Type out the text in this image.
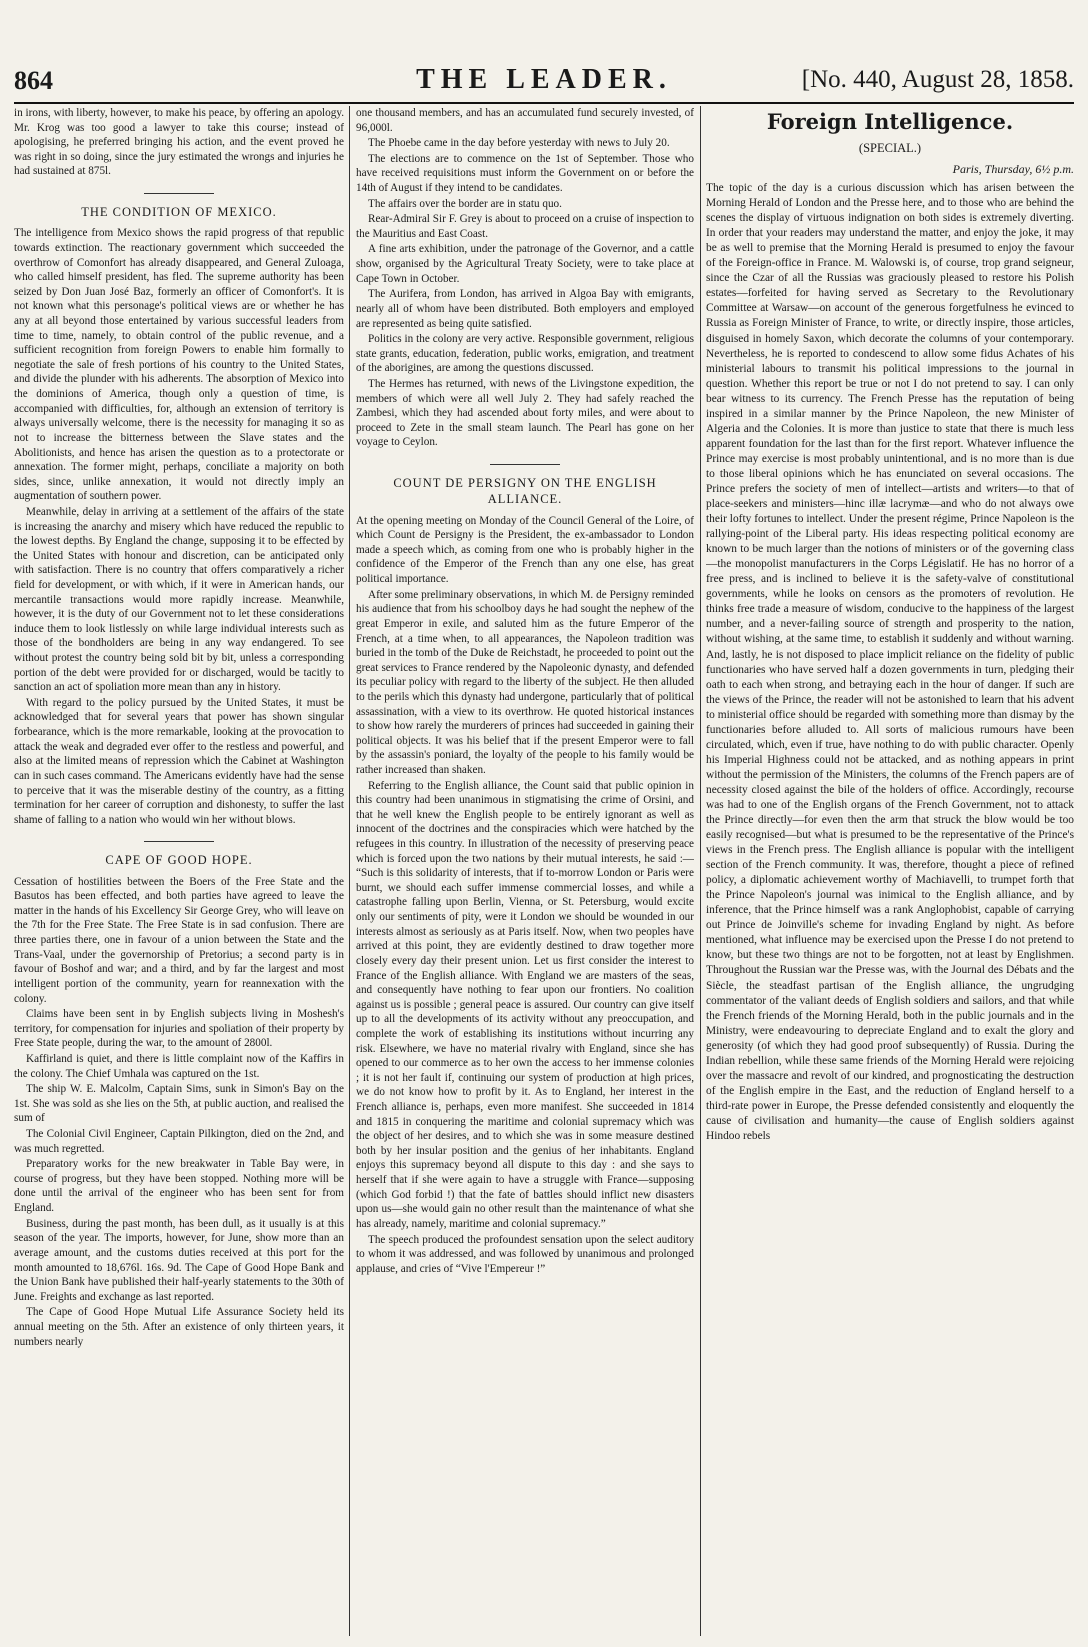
864	THE LEADER.	[No. 440, August 28, 1858.

in irons, with liberty, however, to make his peace, by offering an apology. Mr. Krog was too good a lawyer to take this course; instead of apologising, he preferred bringing his action, and the event proved he was right in so doing, since the jury estimated the wrongs and injuries he had sustained at 875l.

THE CONDITION OF MEXICO.

The intelligence from Mexico shows the rapid progress of that republic towards extinction. The reactionary government which succeeded the overthrow of Comonfort has already disappeared, and General Zuloaga, who called himself president, has fled. The supreme authority has been seized by Don Juan José Baz, formerly an officer of Comonfort's. It is not known what this personage's political views are or whether he has any at all beyond those entertained by various successful leaders from time to time, namely, to obtain control of the public revenue, and a sufficient recognition from foreign Powers to enable him formally to negotiate the sale of fresh portions of his country to the United States, and divide the plunder with his adherents. The absorption of Mexico into the dominions of America, though only a question of time, is accompanied with difficulties, for, although an extension of territory is always universally welcome, there is the necessity for managing it so as not to increase the bitterness between the Slave states and the Abolitionists, and hence has arisen the question as to a protectorate or annexation. The former might, perhaps, conciliate a majority on both sides, since, unlike annexation, it would not directly imply an augmentation of southern power.

Meanwhile, delay in arriving at a settlement of the affairs of the state is increasing the anarchy and misery which have reduced the republic to the lowest depths. By England the change, supposing it to be effected by the United States with honour and discretion, can be anticipated only with satisfaction. There is no country that offers comparatively a richer field for development, or with which, if it were in American hands, our mercantile transactions would more rapidly increase. Meanwhile, however, it is the duty of our Government not to let these considerations induce them to look listlessly on while large individual interests such as those of the bondholders are being in any way endangered. To see without protest the country being sold bit by bit, unless a corresponding portion of the debt were provided for or discharged, would be tacitly to sanction an act of spoliation more mean than any in history.

With regard to the policy pursued by the United States, it must be acknowledged that for several years that power has shown singular forbearance, which is the more remarkable, looking at the provocation to attack the weak and degraded ever offer to the restless and powerful, and also at the limited means of repression which the Cabinet at Washington can in such cases command. The Americans evidently have had the sense to perceive that it was the miserable destiny of the country, as a fitting termination for her career of corruption and dishonesty, to suffer the last shame of falling to a nation who would win her without blows.

CAPE OF GOOD HOPE.

Cessation of hostilities between the Boers of the Free State and the Basutos has been effected, and both parties have agreed to leave the matter in the hands of his Excellency Sir George Grey, who will leave on the 7th for the Free State. The Free State is in sad confusion. There are three parties there, one in favour of a union between the State and the Trans-Vaal, under the governorship of Pretorius; a second party is in favour of Boshof and war; and a third, and by far the largest and most intelligent portion of the community, yearn for reannexation with the colony.

Claims have been sent in by English subjects living in Moshesh's territory, for compensation for injuries and spoliation of their property by Free State people, during the war, to the amount of 2800l.

Kaffirland is quiet, and there is little complaint now of the Kaffirs in the colony. The Chief Umhala was captured on the 1st.

The ship W. E. Malcolm, Captain Sims, sunk in Simon's Bay on the 1st. She was sold as she lies on the 5th, at public auction, and realised the sum of

The Colonial Civil Engineer, Captain Pilkington, died on the 2nd, and was much regretted.

Preparatory works for the new breakwater in Table Bay were, in course of progress, but they have been stopped. Nothing more will be done until the arrival of the engineer who has been sent for from England.

Business, during the past month, has been dull, as it usually is at this season of the year. The imports, however, for June, show more than an average amount, and the customs duties received at this port for the month amounted to 18,676l. 16s. 9d. The Cape of Good Hope Bank and the Union Bank have published their half-yearly statements to the 30th of June. Freights and exchange as last reported.

The Cape of Good Hope Mutual Life Assurance Society held its annual meeting on the 5th. After an existence of only thirteen years, it numbers nearly

one thousand members, and has an accumulated fund securely invested, of 96,000l.

The Phoebe came in the day before yesterday with news to July 20.

The elections are to commence on the 1st of September. Those who have received requisitions must inform the Government on or before the 14th of August if they intend to be candidates.

The affairs over the border are in statu quo.

Rear-Admiral Sir F. Grey is about to proceed on a cruise of inspection to the Mauritius and East Coast.

A fine arts exhibition, under the patronage of the Governor, and a cattle show, organised by the Agricultural Treaty Society, were to take place at Cape Town in October.

The Aurifera, from London, has arrived in Algoa Bay with emigrants, nearly all of whom have been distributed. Both employers and employed are represented as being quite satisfied.

Politics in the colony are very active. Responsible government, religious state grants, education, federation, public works, emigration, and treatment of the aborigines, are among the questions discussed.

The Hermes has returned, with news of the Livingstone expedition, the members of which were all well July 2. They had safely reached the Zambesi, which they had ascended about forty miles, and were about to proceed to Zete in the small steam launch. The Pearl has gone on her voyage to Ceylon.

COUNT DE PERSIGNY ON THE ENGLISH ALLIANCE.

At the opening meeting on Monday of the Council General of the Loire, of which Count de Persigny is the President, the ex-ambassador to London made a speech which, as coming from one who is probably higher in the confidence of the Emperor of the French than any one else, has great political importance.

After some preliminary observations, in which M. de Persigny reminded his audience that from his schoolboy days he had sought the nephew of the great Emperor in exile, and saluted him as the future Emperor of the French, at a time when, to all appearances, the Napoleon tradition was buried in the tomb of the Duke de Reichstadt, he proceeded to point out the great services to France rendered by the Napoleonic dynasty, and defended its peculiar policy with regard to the liberty of the subject. He then alluded to the perils which this dynasty had undergone, particularly that of political assassination, with a view to its overthrow. He quoted historical instances to show how rarely the murderers of princes had succeeded in gaining their political objects. It was his belief that if the present Emperor were to fall by the assassin's poniard, the loyalty of the people to his family would be rather increased than shaken.

Referring to the English alliance, the Count said that public opinion in this country had been unanimous in stigmatising the crime of Orsini, and that he well knew the English people to be entirely ignorant as well as innocent of the doctrines and the conspiracies which were hatched by the refugees in this country. In illustration of the necessity of preserving peace which is forced upon the two nations by their mutual interests, he said :— “Such is this solidarity of interests, that if to-morrow London or Paris were burnt, we should each suffer immense commercial losses, and while a catastrophe falling upon Berlin, Vienna, or St. Petersburg, would excite only our sentiments of pity, were it London we should be wounded in our interests almost as seriously as at Paris itself. Now, when two peoples have arrived at this point, they are evidently destined to draw together more closely every day their present union. Let us first consider the interest to France of the English alliance. With England we are masters of the seas, and consequently have nothing to fear upon our frontiers. No coalition against us is possible ; general peace is assured. Our country can give itself up to all the developments of its activity without any preoccupation, and complete the work of establishing its institutions without incurring any risk. Elsewhere, we have no material rivalry with England, since she has opened to our commerce as to her own the access to her immense colonies ; it is not her fault if, continuing our system of production at high prices, we do not know how to profit by it. As to England, her interest in the French alliance is, perhaps, even more manifest. She succeeded in 1814 and 1815 in conquering the maritime and colonial supremacy which was the object of her desires, and to which she was in some measure destined both by her insular position and the genius of her inhabitants. England enjoys this supremacy beyond all dispute to this day : and she says to herself that if she were again to have a struggle with France—supposing (which God forbid !) that the fate of battles should inflict new disasters upon us—she would gain no other result than the maintenance of what she has already, namely, maritime and colonial supremacy.”

The speech produced the profoundest sensation upon the select auditory to whom it was addressed, and was followed by unanimous and prolonged applause, and cries of “Vive l'Empereur !”

Foreign Intelligence.
(SPECIAL.)
Paris, Thursday, 6½ p.m.

The topic of the day is a curious discussion which has arisen between the Morning Herald of London and the Presse here, and to those who are behind the scenes the display of virtuous indignation on both sides is extremely diverting. In order that your readers may understand the matter, and enjoy the joke, it may be as well to premise that the Morning Herald is presumed to enjoy the favour of the Foreign-office in France. M. Walowski is, of course, trop grand seigneur, since the Czar of all the Russias was graciously pleased to restore his Polish estates—forfeited for having served as Secretary to the Revolutionary Committee at Warsaw—on account of the generous forgetfulness he evinced to Russia as Foreign Minister of France, to write, or directly inspire, those articles, disguised in homely Saxon, which decorate the columns of your contemporary. Nevertheless, he is reported to condescend to allow some fidus Achates of his ministerial labours to transmit his political impressions to the journal in question. Whether this report be true or not I do not pretend to say. I can only bear witness to its currency. The French Presse has the reputation of being inspired in a similar manner by the Prince Napoleon, the new Minister of Algeria and the Colonies. It is more than justice to state that there is much less apparent foundation for the last than for the first report. Whatever influence the Prince may exercise is most probably unintentional, and is no more than is due to those liberal opinions which he has enunciated on several occasions. The Prince prefers the society of men of intellect—artists and writers—to that of place-seekers and ministers—hinc illæ lacrymæ—and who do not always owe their lofty fortunes to intellect. Under the present régime, Prince Napoleon is the rallying-point of the Liberal party. His ideas respecting political economy are known to be much larger than the notions of ministers or of the governing class—the monopolist manufacturers in the Corps Législatif. He has no horror of a free press, and is inclined to believe it is the safety-valve of constitutional governments, while he looks on censors as the promoters of revolution. He thinks free trade a measure of wisdom, conducive to the happiness of the largest number, and a never-failing source of strength and prosperity to the nation, without wishing, at the same time, to establish it suddenly and without warning. And, lastly, he is not disposed to place implicit reliance on the fidelity of public functionaries who have served half a dozen governments in turn, pledging their oath to each when strong, and betraying each in the hour of danger. If such are the views of the Prince, the reader will not be astonished to learn that his advent to ministerial office should be regarded with something more than dismay by the functionaries before alluded to. All sorts of malicious rumours have been circulated, which, even if true, have nothing to do with public character. Openly his Imperial Highness could not be attacked, and as nothing appears in print without the permission of the Ministers, the columns of the French papers are of necessity closed against the bile of the holders of office. Accordingly, recourse was had to one of the English organs of the French Government, not to attack the Prince directly—for even then the arm that struck the blow would be too easily recognised—but what is presumed to be the representative of the Prince's views in the French press. The English alliance is popular with the intelligent section of the French community. It was, therefore, thought a piece of refined policy, a diplomatic achievement worthy of Machiavelli, to trumpet forth that the Prince Napoleon's journal was inimical to the English alliance, and by inference, that the Prince himself was a rank Anglophobist, capable of carrying out Prince de Joinville's scheme for invading England by night. As before mentioned, what influence may be exercised upon the Presse I do not pretend to know, but these two things are not to be forgotten, not at least by Englishmen. Throughout the Russian war the Presse was, with the Journal des Débats and the Siècle, the steadfast partisan of the English alliance, the ungrudging commentator of the valiant deeds of English soldiers and sailors, and that while the French friends of the Morning Herald, both in the public journals and in the Ministry, were endeavouring to depreciate England and to exalt the glory and generosity (of which they had good proof subsequently) of Russia. During the Indian rebellion, while these same friends of the Morning Herald were rejoicing over the massacre and revolt of our kindred, and prognosticating the destruction of the English empire in the East, and the reduction of England herself to a third-rate power in Europe, the Presse defended consistently and eloquently the cause of civilisation and humanity—the cause of English soldiers against Hindoo rebels
